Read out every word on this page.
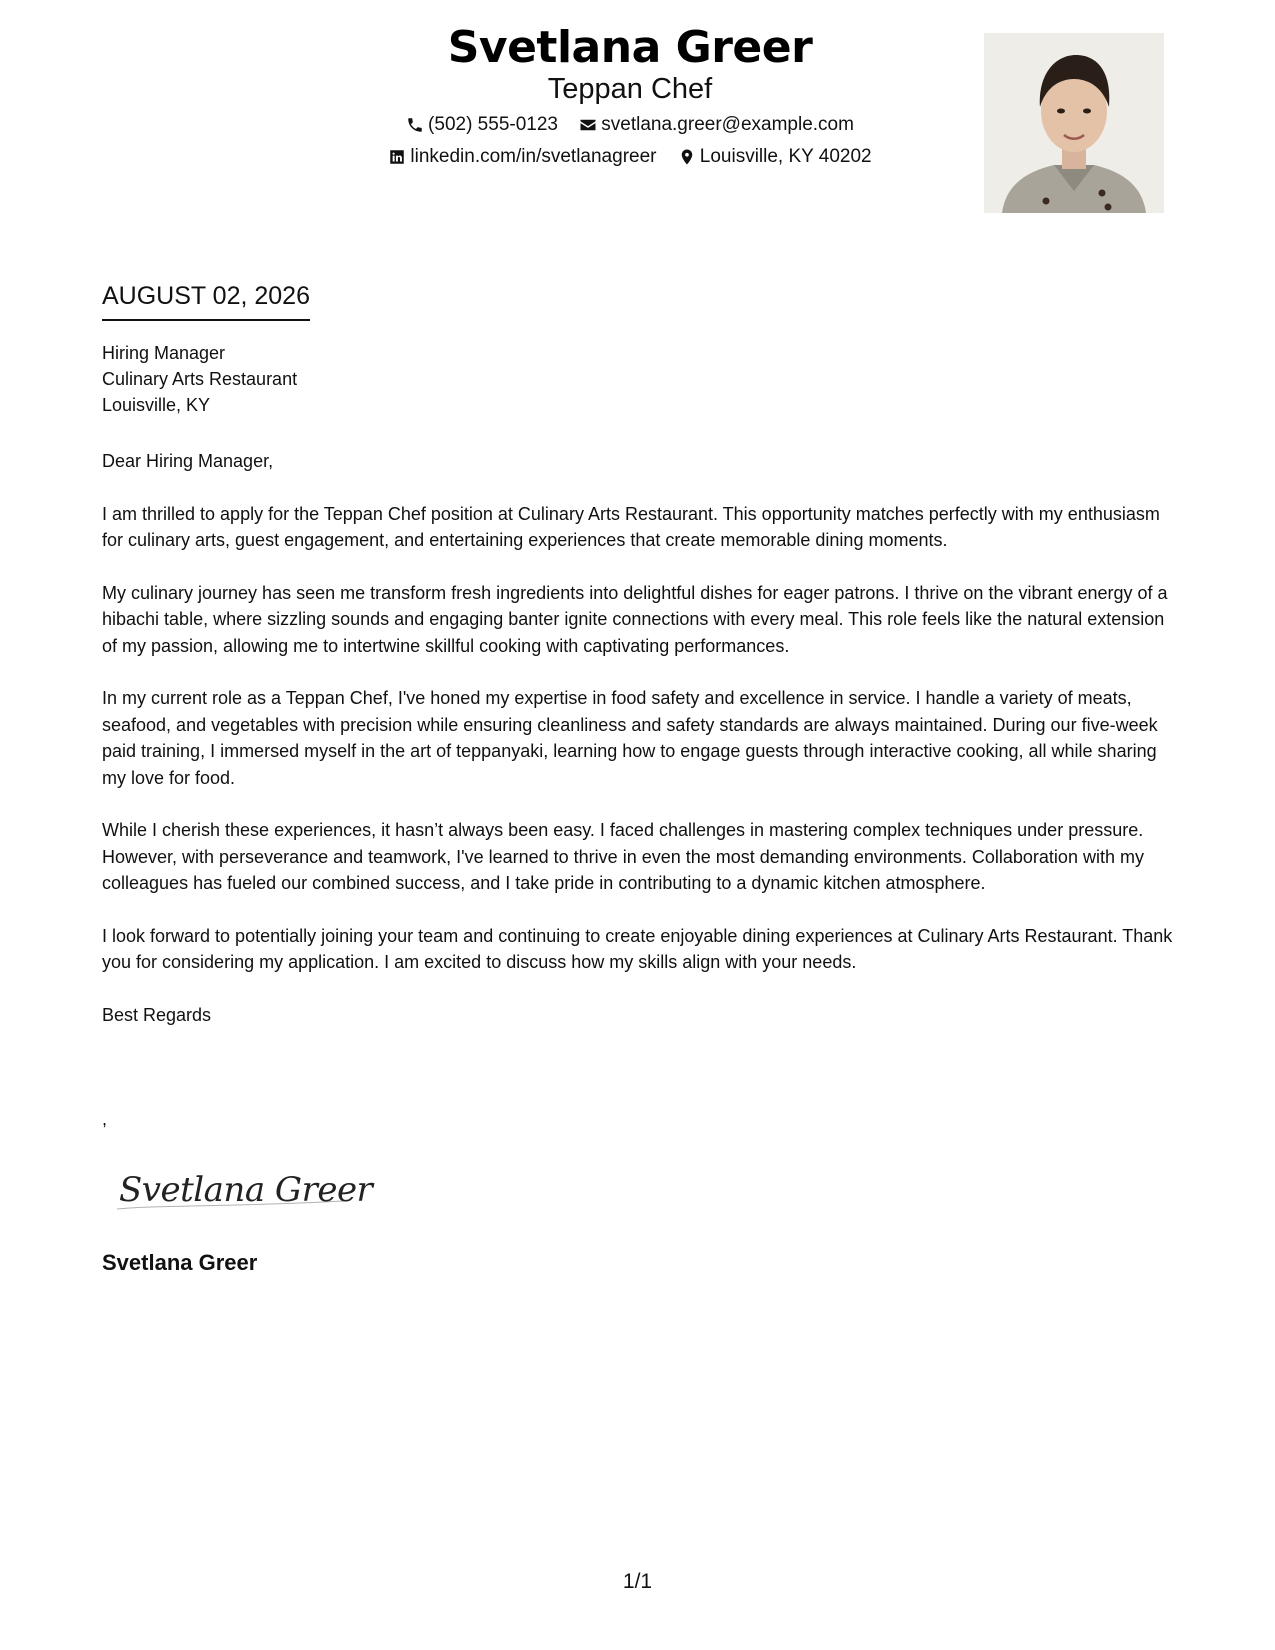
Svetlana Greer
Teppan Chef
(502) 555-0123
svetlana.greer@example.com
linkedin.com/in/svetlanagreer
Louisville, KY 40202
AUGUST 02, 2026
Hiring Manager
Culinary Arts Restaurant
Louisville, KY

Dear Hiring Manager,

I am thrilled to apply for the Teppan Chef position at Culinary Arts Restaurant. This opportunity matches perfectly with my enthusiasm for culinary arts, guest engagement, and entertaining experiences that create memorable dining moments.

My culinary journey has seen me transform fresh ingredients into delightful dishes for eager patrons. I thrive on the vibrant energy of a hibachi table, where sizzling sounds and engaging banter ignite connections with every meal. This role feels like the natural extension of my passion, allowing me to intertwine skillful cooking with captivating performances.

In my current role as a Teppan Chef, I've honed my expertise in food safety and excellence in service. I handle a variety of meats, seafood, and vegetables with precision while ensuring cleanliness and safety standards are always maintained. During our five-week paid training, I immersed myself in the art of teppanyaki, learning how to engage guests through interactive cooking, all while sharing my love for food.

While I cherish these experiences, it hasn’t always been easy. I faced challenges in mastering complex techniques under pressure. However, with perseverance and teamwork, I've learned to thrive in even the most demanding environments. Collaboration with my colleagues has fueled our combined success, and I take pride in contributing to a dynamic kitchen atmosphere.

I look forward to potentially joining your team and continuing to create enjoyable dining experiences at Culinary Arts Restaurant. Thank you for considering my application. I am excited to discuss how my skills align with your needs.

Best Regards

,
Svetlana Greer
Svetlana Greer
1/1
